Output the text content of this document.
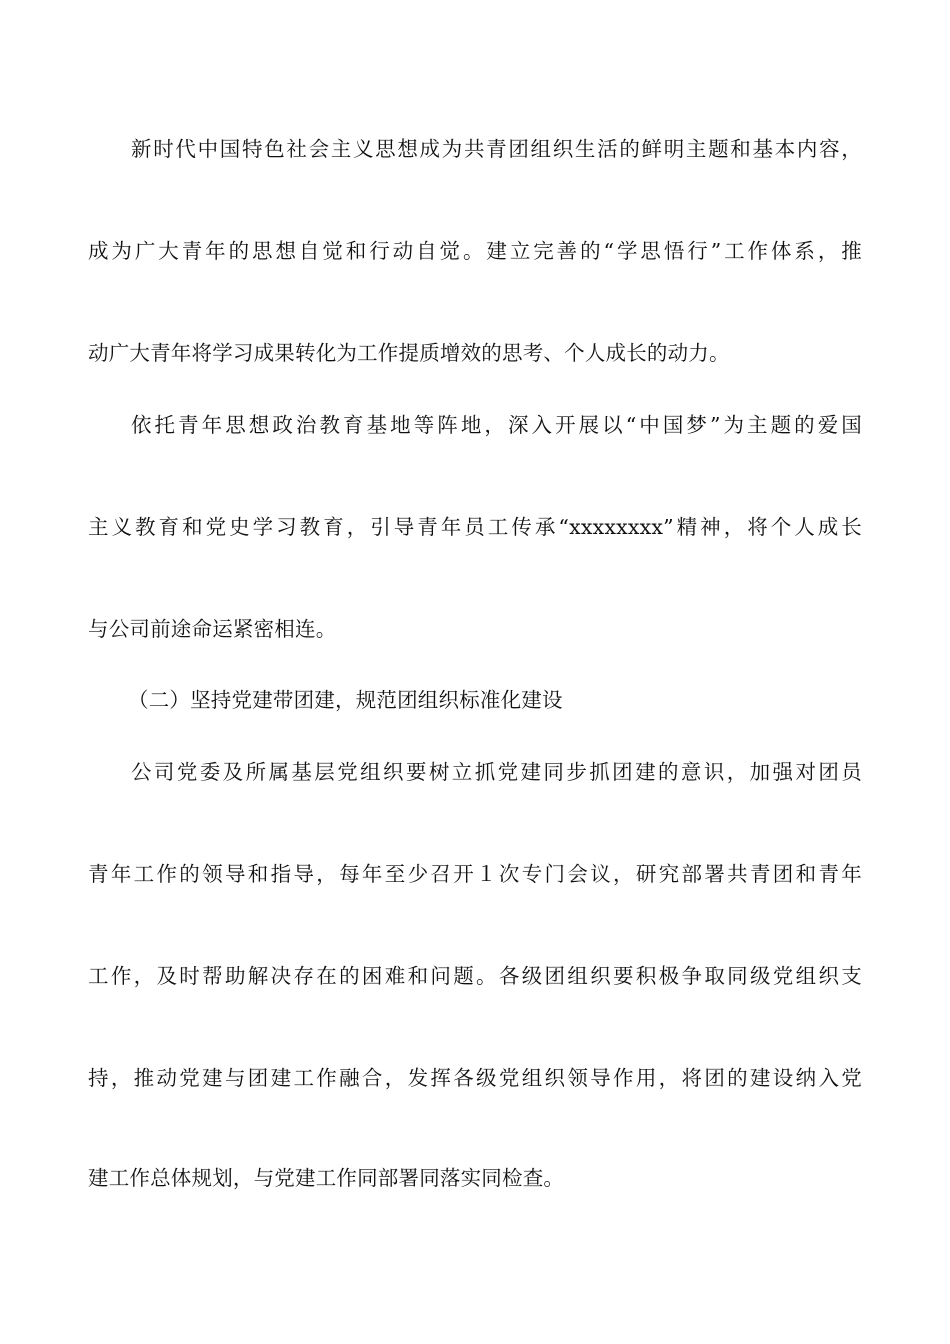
新时代中国特色社会主义思想成为共青团组织生活的鲜明主题和基本内容，
成为广大青年的思想自觉和行动自觉。建立完善的“学思悟行”工作体系，推
动广大青年将学习成果转化为工作提质增效的思考、个人成长的动力。
依托青年思想政治教育基地等阵地，深入开展以“中国梦”为主题的爱国
主义教育和党史学习教育，引导青年员工传承“xxxxxxxx”精神，将个人成长
与公司前途命运紧密相连。
（二）坚持党建带团建，规范团组织标准化建设
公司党委及所属基层党组织要树立抓党建同步抓团建的意识，加强对团员
青年工作的领导和指导，每年至少召开１次专门会议，研究部署共青团和青年
工作，及时帮助解决存在的困难和问题。各级团组织要积极争取同级党组织支
持，推动党建与团建工作融合，发挥各级党组织领导作用，将团的建设纳入党
建工作总体规划，与党建工作同部署同落实同检查。
